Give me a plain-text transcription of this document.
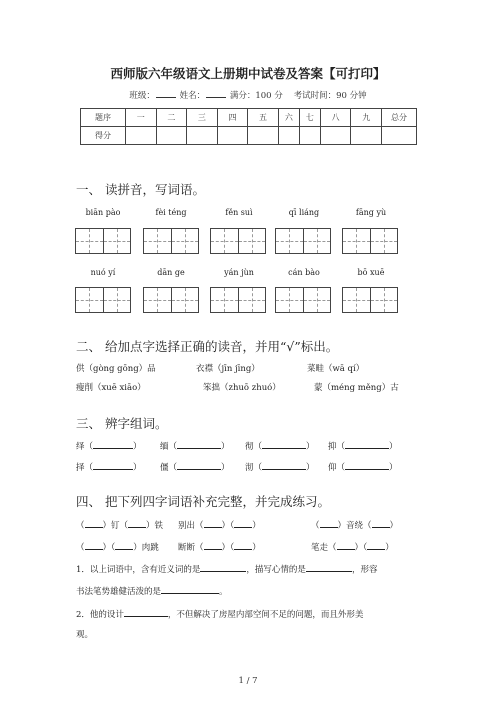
西师版六年级语文上册期中试卷及答案【可打印】
班级：	姓名：	满分：100 分 考试时间：90 分钟
题序	一	二	三	四	五	六	七	八	九	总分
得分										
一、 读拼音，写词语。
biān pào	fèi téng	fěn suì	qī liáng	fāng yù
nuó yí	dān ge	yán jùn	cán bào	bō xuē
二、 给加点字选择正确的读音，并用“√”标出。
供（gòng gōng）品	衣襟（jīn jīng）	菜畦（wā qí）
瘦削（xuē xiāo）	笨拙（zhuō zhuó）	蒙（méng měng）古
三、 辨字组词。
绎（	） 缅（	） 彻（	） 抑（	）
择（	） 僵（	） 沏（	） 仰（	）
四、 把下列四字词语补充完整，并完成练习。
（ ）钉（ ）铁 别出（ ）（ ）	（ ）音绕（ ）
（ ）（ ）肉跳 断断（ ）（ ）	笔走（ ）（ ）
1．以上词语中，含有近义词的是	，描写心情的是	，形容
书法笔势雄健活泼的是	。
2．他的设计	，不但解决了房屋内部空间不足的问题，而且外形美
观。
1 / 7
